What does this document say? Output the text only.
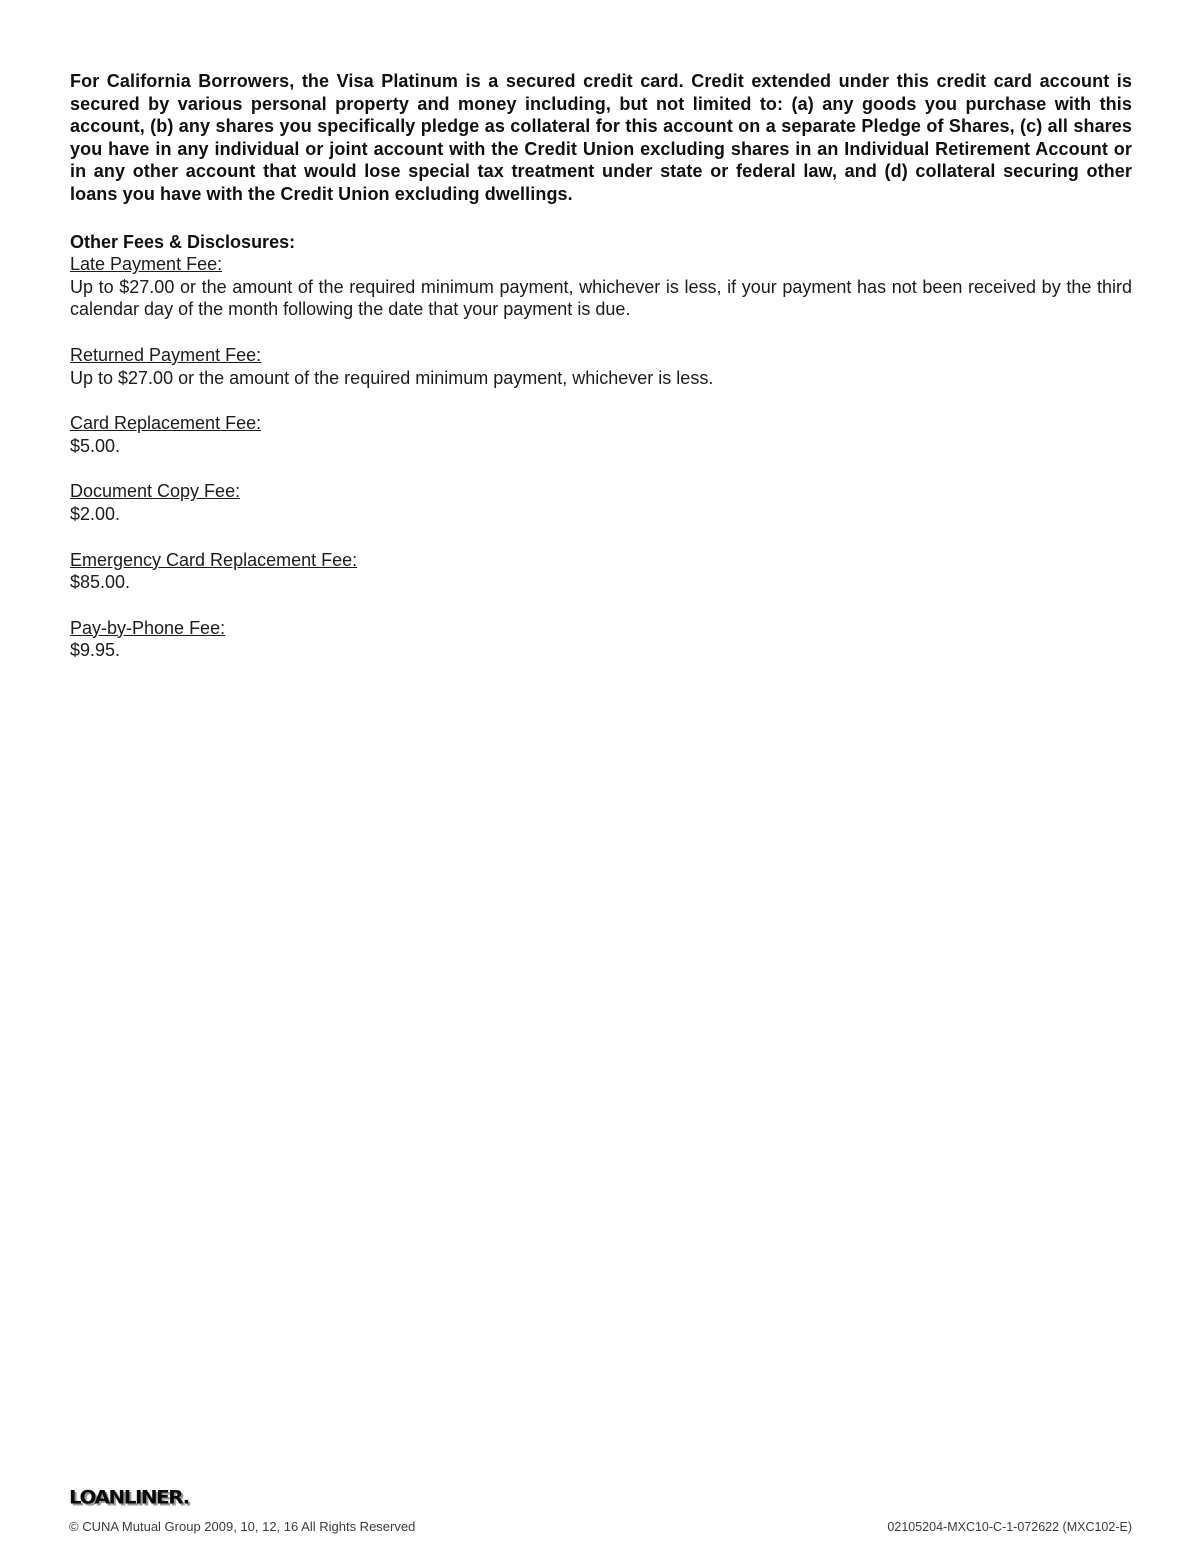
For California Borrowers, the Visa Platinum is a secured credit card. Credit extended under this credit card account is secured by various personal property and money including, but not limited to: (a) any goods you purchase with this account, (b) any shares you specifically pledge as collateral for this account on a separate Pledge of Shares, (c) all shares you have in any individual or joint account with the Credit Union excluding shares in an Individual Retirement Account or in any other account that would lose special tax treatment under state or federal law, and (d) collateral securing other loans you have with the Credit Union excluding dwellings.

Other Fees & Disclosures:
Late Payment Fee:
Up to $27.00 or the amount of the required minimum payment, whichever is less, if your payment has not been received by the third calendar day of the month following the date that your payment is due.
Returned Payment Fee:
Up to $27.00 or the amount of the required minimum payment, whichever is less.
Card Replacement Fee:
$5.00.
Document Copy Fee:
$2.00.
Emergency Card Replacement Fee:
$85.00.
Pay-by-Phone Fee:
$9.95.
LOANLINER.
© CUNA Mutual Group 2009, 10, 12, 16 All Rights Reserved	02105204-MXC10-C-1-072622 (MXC102-E)
